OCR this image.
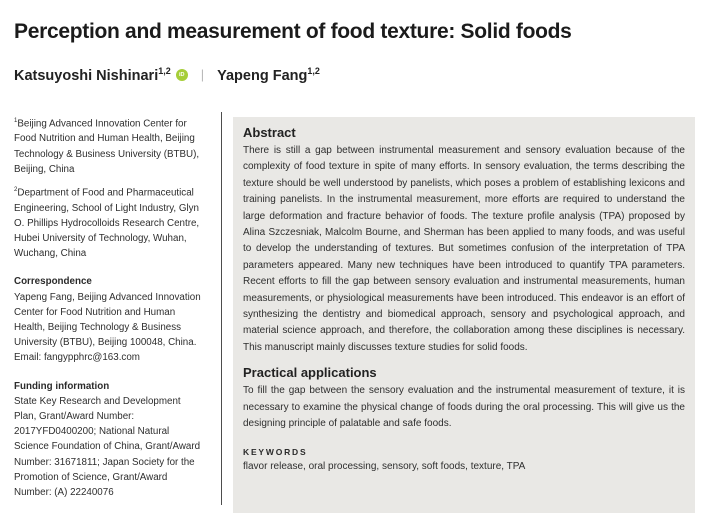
Perception and measurement of food texture: Solid foods
Katsuyoshi Nishinari$^{1,2}$ iD | Yapeng Fang$^{1,2}$

$^1$Beijing Advanced Innovation Center for Food Nutrition and Human Health, Beijing Technology & Business University (BTBU), Beijing, China

$^2$Department of Food and Pharmaceutical Engineering, School of Light Industry, Glyn O. Phillips Hydrocolloids Research Centre, Hubei University of Technology, Wuhan, Wuchang, China

Correspondence

Yapeng Fang, Beijing Advanced Innovation Center for Food Nutrition and Human Health, Beijing Technology & Business University (BTBU), Beijing 100048, China.

Email: fangypphrc@163.com

Funding information

State Key Research and Development Plan, Grant/Award Number: 2017YFD0400200; National Natural Science Foundation of China, Grant/Award Number: 31671811; Japan Society for the Promotion of Science, Grant/Award Number: (A) 22240076

Abstract

There is still a gap between instrumental measurement and sensory evaluation because of the complexity of food texture in spite of many efforts. In sensory evaluation, the terms describing the texture should be well understood by panelists, which poses a problem of establishing lexicons and training panelists. In the instrumental measurement, more efforts are required to understand the large deformation and fracture behavior of foods. The texture profile analysis (TPA) proposed by Alina Szczesniak, Malcolm Bourne, and Sherman has been applied to many foods, and was useful to develop the understanding of textures. But sometimes confusion of the interpretation of TPA parameters appeared. Many new techniques have been introduced to quantify TPA parameters. Recent efforts to fill the gap between sensory evaluation and instrumental measurements, human measurements, or physiological measurements have been introduced. This endeavor is an effort of synthesizing the dentistry and biomedical approach, sensory and psychological approach, and material science approach, and therefore, the collaboration among these disciplines is necessary. This manuscript mainly discusses texture studies for solid foods.

Practical applications

To fill the gap between the sensory evaluation and the instrumental measurement of texture, it is necessary to examine the physical change of foods during the oral processing. This will give us the designing principle of palatable and safe foods.

KEYWORDS

flavor release, oral processing, sensory, soft foods, texture, TPA
